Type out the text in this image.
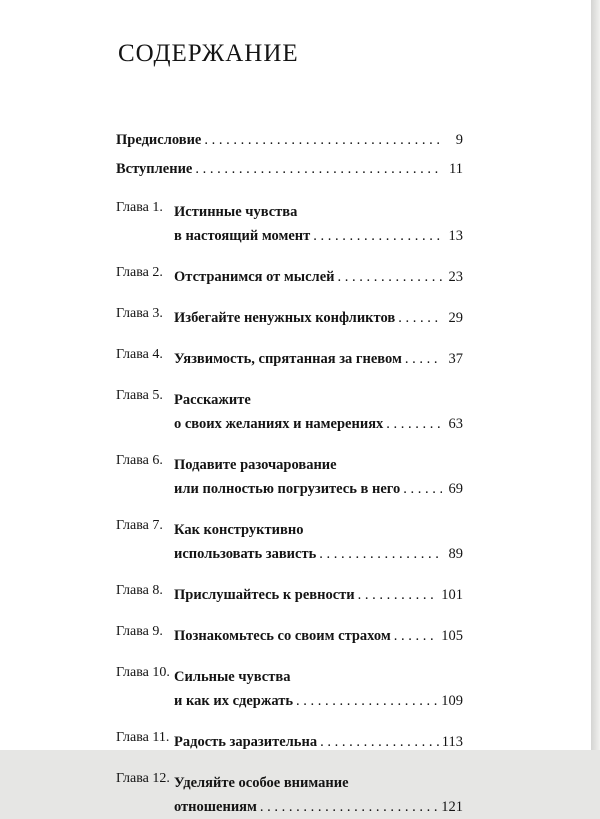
СОДЕРЖАНИЕ
Предисловие . . .	9
Вступление . . .	11
Глава 1. Истинные чувства
в настоящий момент . . .	13
Глава 2. Отстранимся от мыслей . . .	23
Глава 3. Избегайте ненужных конфликтов . . .	29
Глава 4. Уязвимость, спрятанная за гневом . . .	37
Глава 5. Расскажите
о своих желаниях и намерениях . . .	63
Глава 6. Подавите разочарование
или полностью погрузитесь в него . . .	69
Глава 7. Как конструктивно
использовать зависть . . .	89
Глава 8. Прислушайтесь к ревности . . .	101
Глава 9. Познакомьтесь со своим страхом . . .	105
Глава 10. Сильные чувства
и как их сдержать . . .	109
Глава 11. Радость заразительна . . .	113
Глава 12. Уделяйте особое внимание
отношениям . . .	121
